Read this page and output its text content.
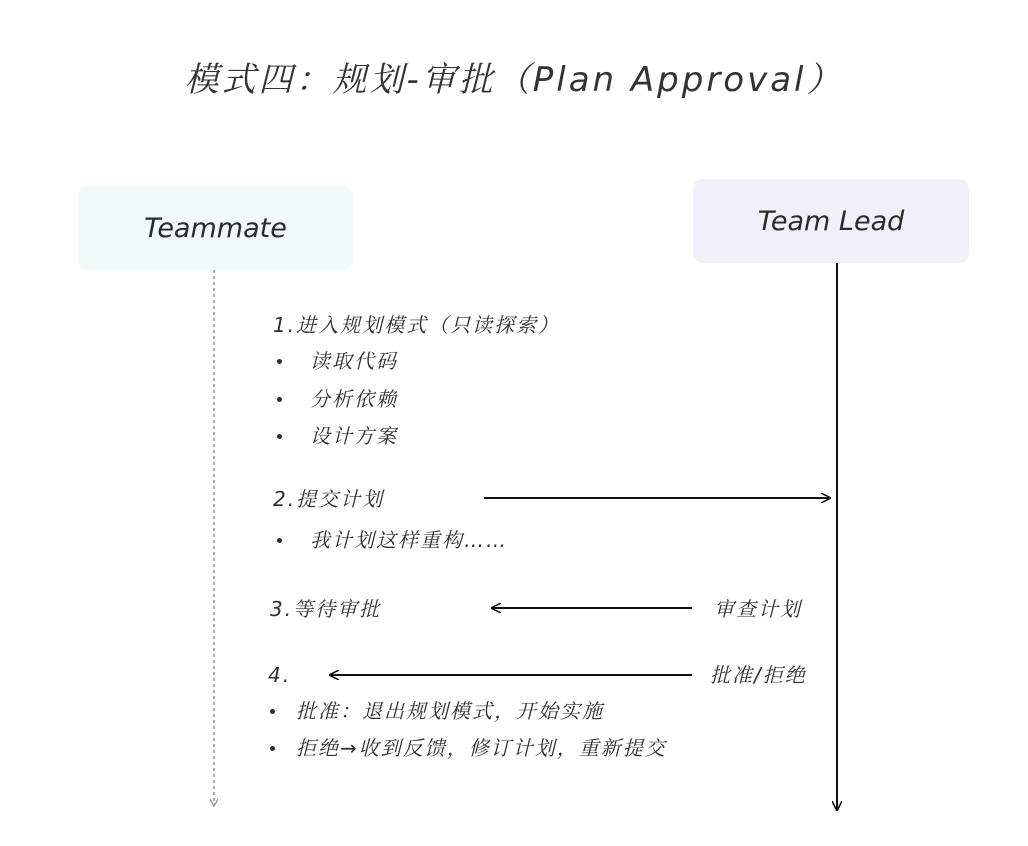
模式四：规划-审批（Plan Approval）
Teammate	Team Lead
1.进入规划模式（只读探索）
读取代码
分析依赖
设计方案
2.提交计划
我计划这样重构……
3.等待审批	审查计划
4.	批准/拒绝
批准：退出规划模式，开始实施
拒绝→收到反馈，修订计划，重新提交
